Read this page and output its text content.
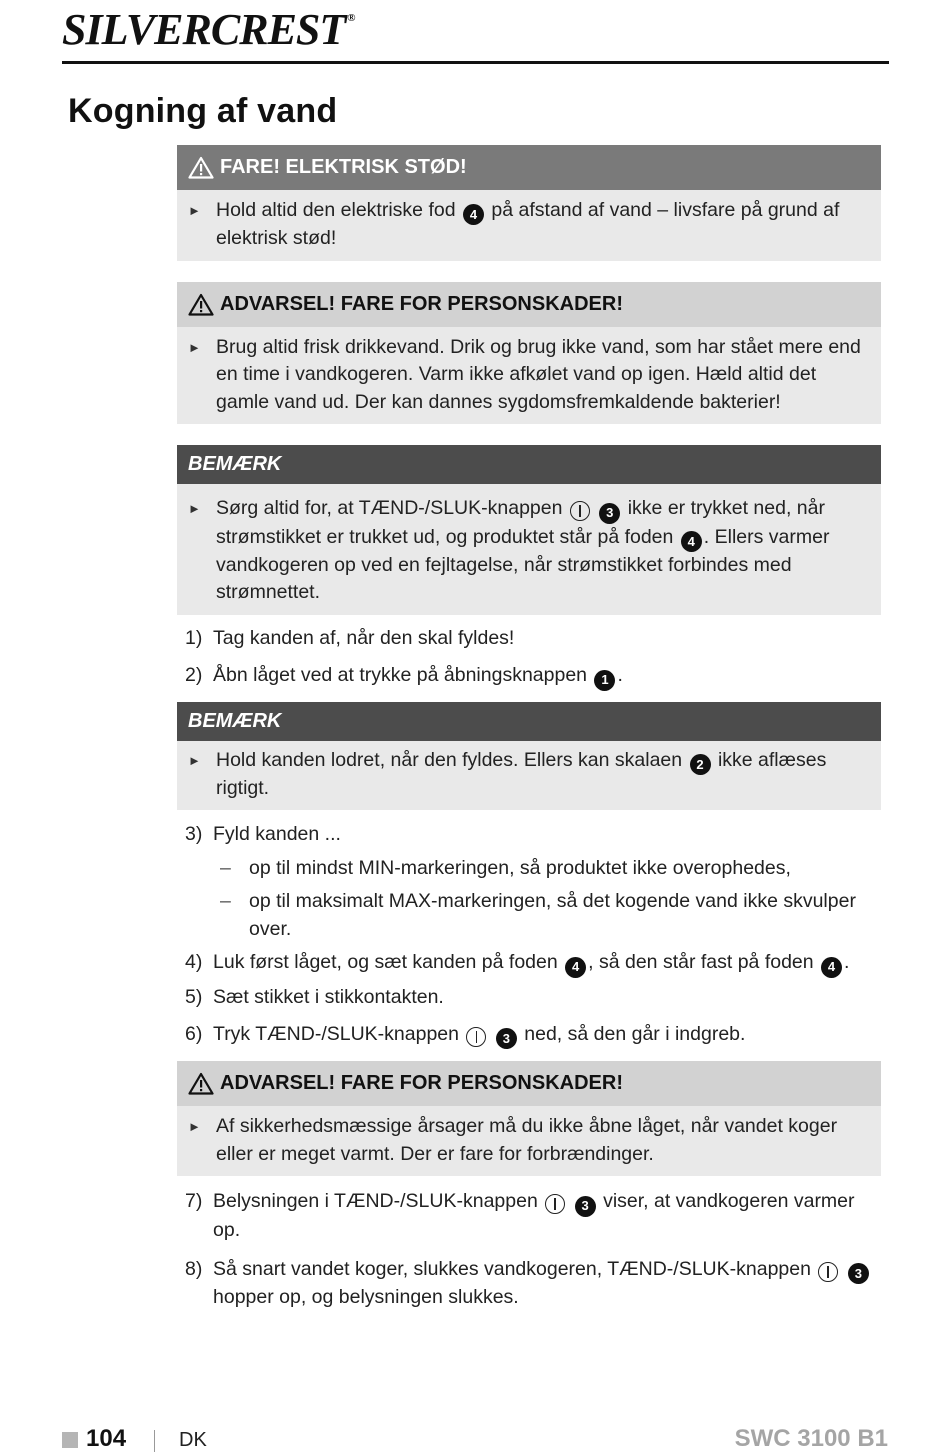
SILVERCREST ®
Kogning af vand
FARE! ELEKTRISK STØD!
► Hold altid den elektriske fod 4 på afstand af vand – livsfare på grund af elektrisk stød!
ADVARSEL! FARE FOR PERSONSKADER!
► Brug altid frisk drikkevand. Drik og brug ikke vand, som har stået mere end en time i vandkogeren. Varm ikke afkølet vand op igen. Hæld altid det gamle vand ud. Der kan dannes sygdomsfremkaldende bakterier!
BEMÆRK
► Sørg altid for, at TÆND-/SLUK-knappen	3 ikke er trykket ned, når strømstikket er trukket ud, og produktet står på foden 4 . Ellers varmer vandkogeren op ved en fejltagelse, når strømstikket forbindes med strømnettet.
1) Tag kanden af, når den skal fyldes!
2) Åbn låget ved at trykke på åbningsknappen 1 .
BEMÆRK
► Hold kanden lodret, når den fyldes. Ellers kan skalaen 2 ikke aflæses rigtigt.
3) Fyld kanden ...
– op til mindst MIN-markeringen, så produktet ikke overophedes,
– op til maksimalt MAX-markeringen, så det kogende vand ikke skvulper over.
4) Luk først låget, og sæt kanden på foden 4 , så den står fast på foden 4 .
5) Sæt stikket i stikkontakten.
6) Tryk TÆND-/SLUK-knappen	3 ned, så den går i indgreb.
ADVARSEL! FARE FOR PERSONSKADER!
► Af sikkerhedsmæssige årsager må du ikke åbne låget, når vandet koger eller er meget varmt. Der er fare for forbrændinger.
7) Belysningen i TÆND-/SLUK-knappen	3 viser, at vandkogeren varmer op.
8) Så snart vandet koger, slukkes vandkogeren, TÆND-/SLUK-knappen	3 hopper op, og belysningen slukkes.
104	DK	SWC 3100 B1
